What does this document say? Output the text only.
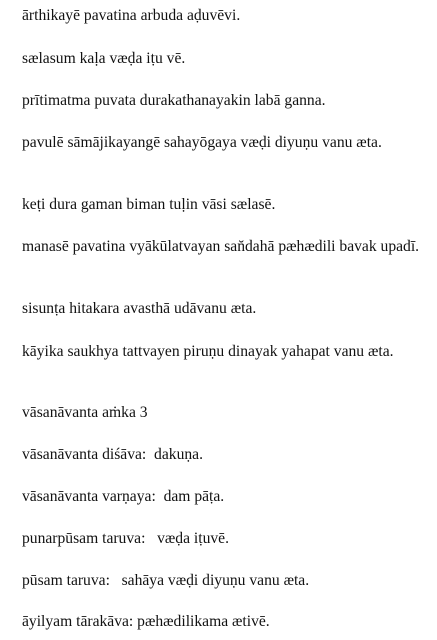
ārthikayē pavatina arbuda aḍuvēvi.
sælasum kaḷa væḍa iṭu vē.
prītimatma puvata durakathanayakin labā ganna.
pavulē sāmājikayangē sahayōgaya væḍi diyuṇu vanu æta.
keṭi dura gaman biman tuḷin vāsi sælasē.
manasē pavatina vyākūlatvayan san̆dahā pæhædili bavak upadī.
sisunṭa hitakara avasthā udāvanu æta.
kāyika saukhya tattvayen piruṇu dinayak yahapat vanu æta.
vāsanāvanta aṁka 3
vāsanāvanta diśāva:  dakuṇa.
vāsanāvanta varṇaya:  dam pāṭa.
punarpūsam taruva:   væḍa iṭuvē.
pūsam taruva:   sahāya væḍi diyuṇu vanu æta.
āyilyam tārakāva: pæhædilikama ætivē.
